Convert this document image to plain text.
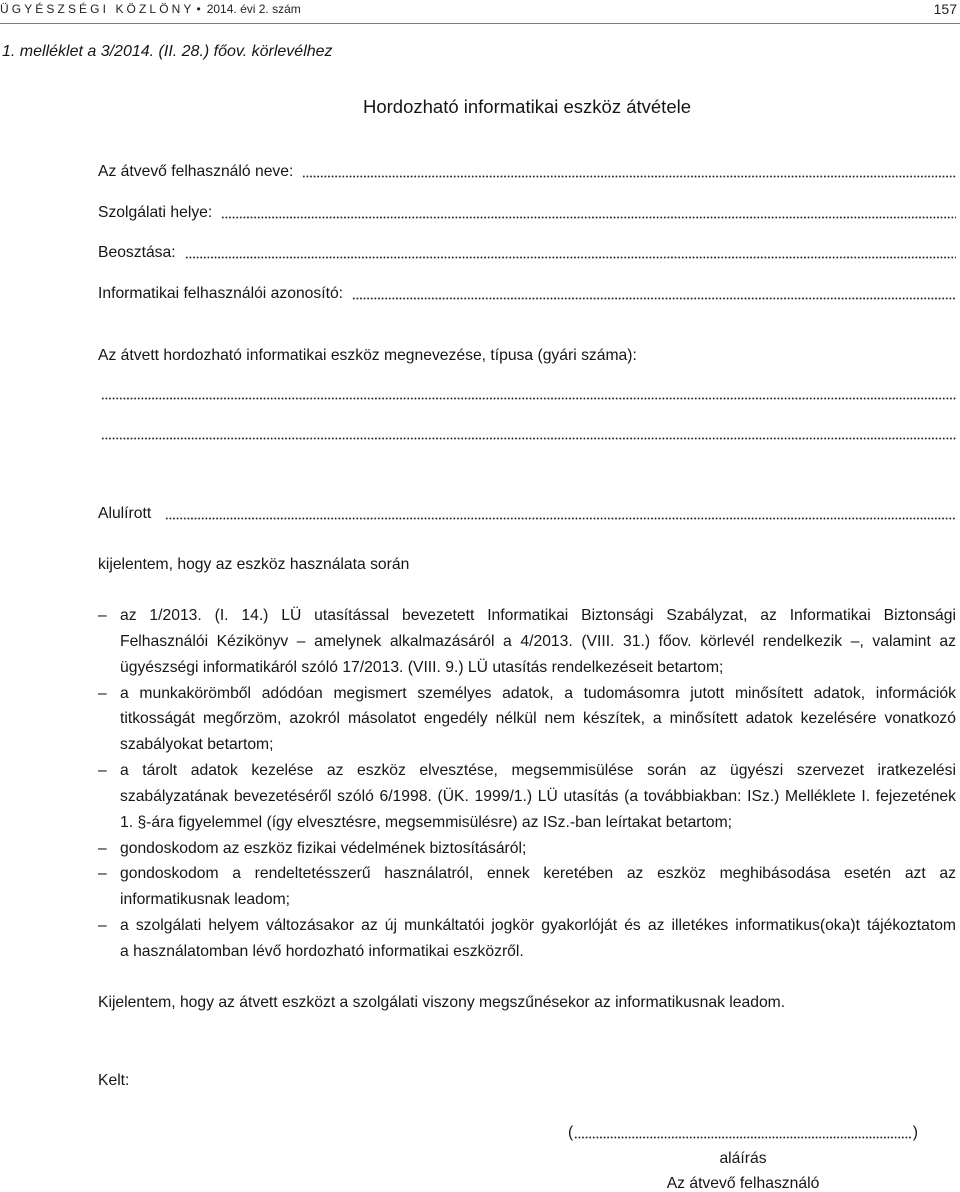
ÜGYÉSZSÉGI KÖZLÖNY • 2014. évi 2. szám	157
1. melléklet a 3/2014. (II. 28.) főov. körlevélhez
Hordozható informatikai eszköz átvétele
Az átvevő felhasználó neve:
Szolgálati helye:
Beosztása:
Informatikai felhasználói azonosító:
Az átvett hordozható informatikai eszköz megnevezése, típusa (gyári száma):
Alulírott
kijelentem, hogy az eszköz használata során
– az 1/2013. (I. 14.) LÜ utasítással bevezetett Informatikai Biztonsági Szabályzat, az Informatikai Biztonsági
Felhasználói Kézikönyv – amelynek alkalmazásáról a 4/2013. (VIII. 31.) főov. körlevél rendelkezik –, valamint az
ügyészségi informatikáról szóló 17/2013. (VIII. 9.) LÜ utasítás rendelkezéseit betartom;
– a munkakörömből adódóan megismert személyes adatok, a tudomásomra jutott minősített adatok, információk
titkosságát megőrzöm, azokról másolatot engedély nélkül nem készítek, a minősített adatok kezelésére vonatkozó
szabályokat betartom;
– a tárolt adatok kezelése az eszköz elvesztése, megsemmisülése során az ügyészi szervezet iratkezelési
szabályzatának bevezetéséről szóló 6/1998. (ÜK. 1999/1.) LÜ utasítás (a továbbiakban: ISz.) Melléklete I. fejezetének
1. §-ára figyelemmel (így elvesztésre, megsemmisülésre) az ISz.-ban leírtakat betartom;
– gondoskodom az eszköz fizikai védelmének biztosításáról;
– gondoskodom a rendeltetésszerű használatról, ennek keretében az eszköz meghibásodása esetén azt az
informatikusnak leadom;
– a szolgálati helyem változásakor az új munkáltatói jogkör gyakorlóját és az illetékes informatikus(oka)t tájékoztatom
a használatomban lévő hordozható informatikai eszközről.
Kijelentem, hogy az átvett eszközt a szolgálati viszony megszűnésekor az informatikusnak leadom.
Kelt:
(	)
aláírás
Az átvevő felhasználó
